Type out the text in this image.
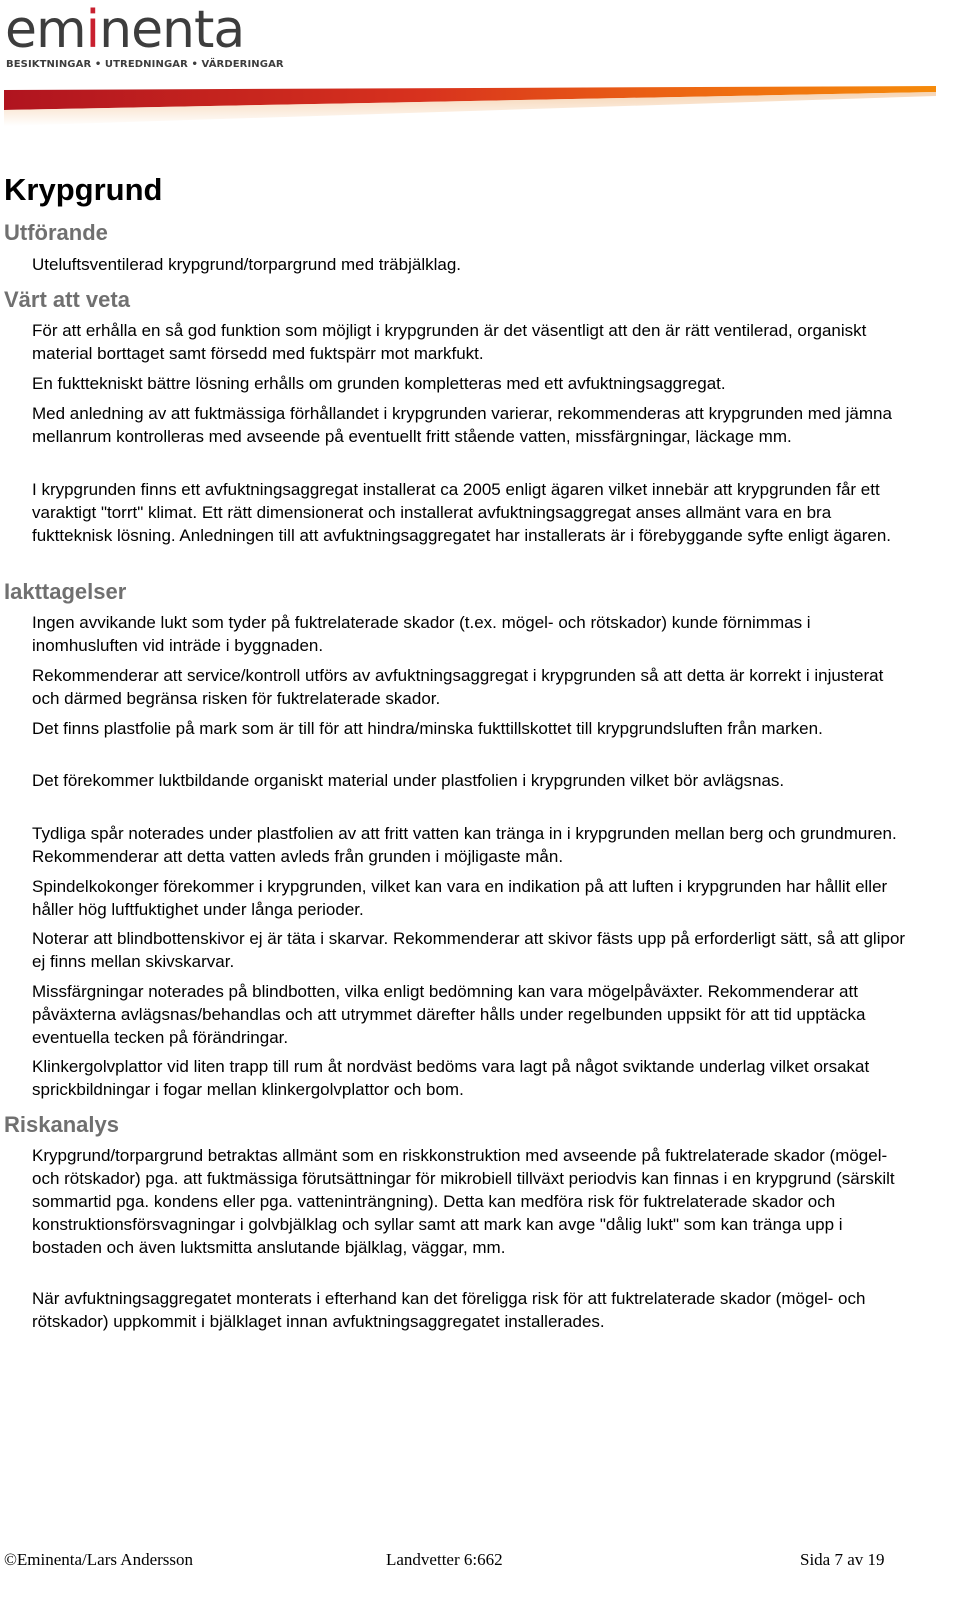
eminenta
BESIKTNINGAR • UTREDNINGAR • VÄRDERINGAR
Krypgrund
Utförande

Uteluftsventilerad krypgrund/torpargrund med träbjälklag.

Värt att veta

För att erhålla en så god funktion som möjligt i krypgrunden är det väsentligt att den är rätt ventilerad, organiskt material borttaget samt försedd med fuktspärr mot markfukt.

En fukttekniskt bättre lösning erhålls om grunden kompletteras med ett avfuktningsaggregat.

Med anledning av att fuktmässiga förhållandet i krypgrunden varierar, rekommenderas att krypgrunden med jämna mellanrum kontrolleras med avseende på eventuellt fritt stående vatten, missfärgningar, läckage mm.

I krypgrunden finns ett avfuktningsaggregat installerat ca 2005 enligt ägaren vilket innebär att krypgrunden får ett varaktigt "torrt" klimat. Ett rätt dimensionerat och installerat avfuktningsaggregat anses allmänt vara en bra fuktteknisk lösning. Anledningen till att avfuktningsaggregatet har installerats är i förebyggande syfte enligt ägaren.

Iakttagelser

Ingen avvikande lukt som tyder på fuktrelaterade skador (t.ex. mögel- och rötskador) kunde förnimmas i inomhusluften vid inträde i byggnaden.

Rekommenderar att service/kontroll utförs av avfuktningsaggregat i krypgrunden så att detta är korrekt i injusterat och därmed begränsa risken för fuktrelaterade skador.

Det finns plastfolie på mark som är till för att hindra/minska fukttillskottet till krypgrundsluften från marken.

Det förekommer luktbildande organiskt material under plastfolien i krypgrunden vilket bör avlägsnas.

Tydliga spår noterades under plastfolien av att fritt vatten kan tränga in i krypgrunden mellan berg och grundmuren. Rekommenderar att detta vatten avleds från grunden i möjligaste mån.

Spindelkokonger förekommer i krypgrunden, vilket kan vara en indikation på att luften i krypgrunden har hållit eller håller hög luftfuktighet under långa perioder.

Noterar att blindbottenskivor ej är täta i skarvar. Rekommenderar att skivor fästs upp på erforderligt sätt, så att glipor ej finns mellan skivskarvar.

Missfärgningar noterades på blindbotten, vilka enligt bedömning kan vara mögelpåväxter. Rekommenderar att påväxterna avlägsnas/behandlas och att utrymmet därefter hålls under regelbunden uppsikt för att tid upptäcka eventuella tecken på förändringar.

Klinkergolvplattor vid liten trapp till rum åt nordväst bedöms vara lagt på något sviktande underlag vilket orsakat sprickbildningar i fogar mellan klinkergolvplattor och bom.

Riskanalys

Krypgrund/torpargrund betraktas allmänt som en riskkonstruktion med avseende på fuktrelaterade skador (mögel- och rötskador) pga. att fuktmässiga förutsättningar för mikrobiell tillväxt periodvis kan finnas i en krypgrund (särskilt sommartid pga. kondens eller pga. vatteninträngning). Detta kan medföra risk för fuktrelaterade skador och konstruktionsförsvagningar i golvbjälklag och syllar samt att mark kan avge "dålig lukt" som kan tränga upp i bostaden och även luktsmitta anslutande bjälklag, väggar, mm.

När avfuktningsaggregatet monterats i efterhand kan det föreligga risk för att fuktrelaterade skador (mögel- och rötskador) uppkommit i bjälklaget innan avfuktningsaggregatet installerades.

©Eminenta/Lars Andersson	Landvetter 6:662	Sida 7 av 19
